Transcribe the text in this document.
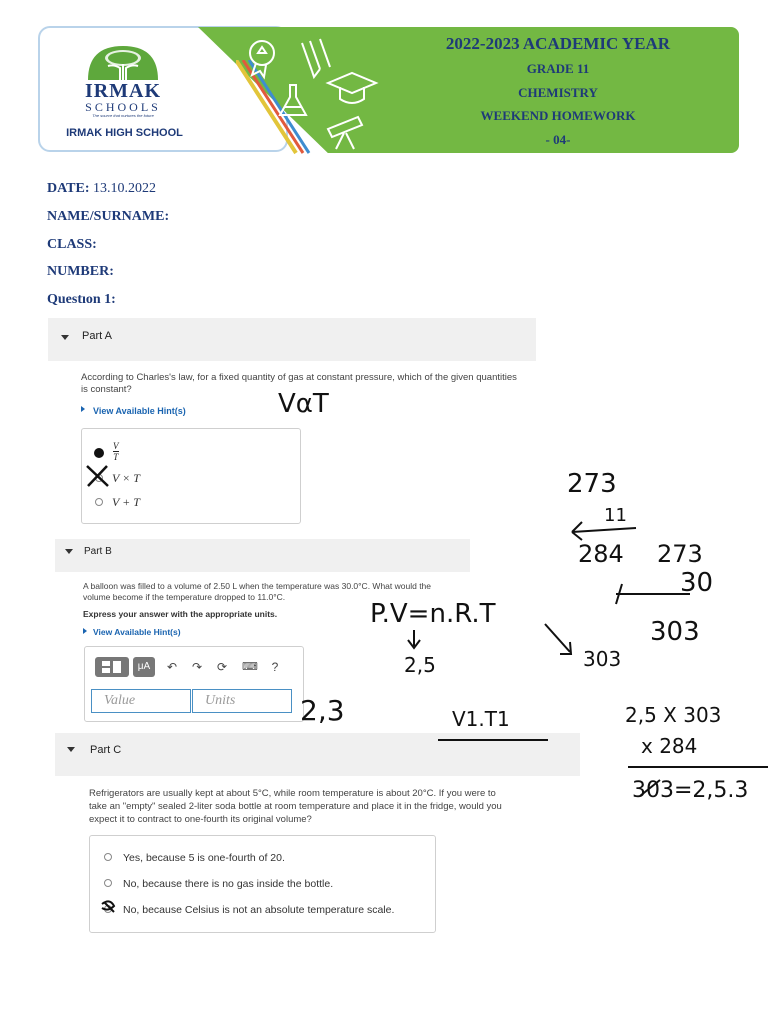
IRMAK
SCHOOLS
The source that nurtures the future
IRMAK HIGH SCHOOL
2022-2023 ACADEMIC YEAR
GRADE 11
CHEMISTRY
WEEKEND HOMEWORK
- 04-
DATE: 13.10.2022
NAME/SURNAME:
CLASS:
NUMBER:
Questıon 1:
Part A
According to Charles's law, for a fixed quantity of gas at constant pressure, which of the given quantities is constant?
View Available Hint(s)
V
T
V × T
V + T
Part B
A balloon was filled to a volume of 2.50 L when the temperature was 30.0°C. What would the
volume become if the temperature dropped to 11.0°C.
Express your answer with the appropriate units.
View Available Hint(s)
μA	↶	↷	⟳	⌨	?
Value	Units
Part C
Refrigerators are usually kept at about 5°C, while room temperature is about 20°C. If you were to
take an "empty" sealed 2-liter soda bottle at room temperature and place it in the fridge, would you
expect it to contract to one-fourth its original volume?
Yes, because 5 is one-fourth of 20.
No, because there is no gas inside the bottle.
No, because Celsius is not an absolute temperature scale.
VαT
273
11
284 273
30
303
P.V=n.R.T
2,5	303
2,3	V1.T1	2,5 X 303
x 284
303=2,5.3
